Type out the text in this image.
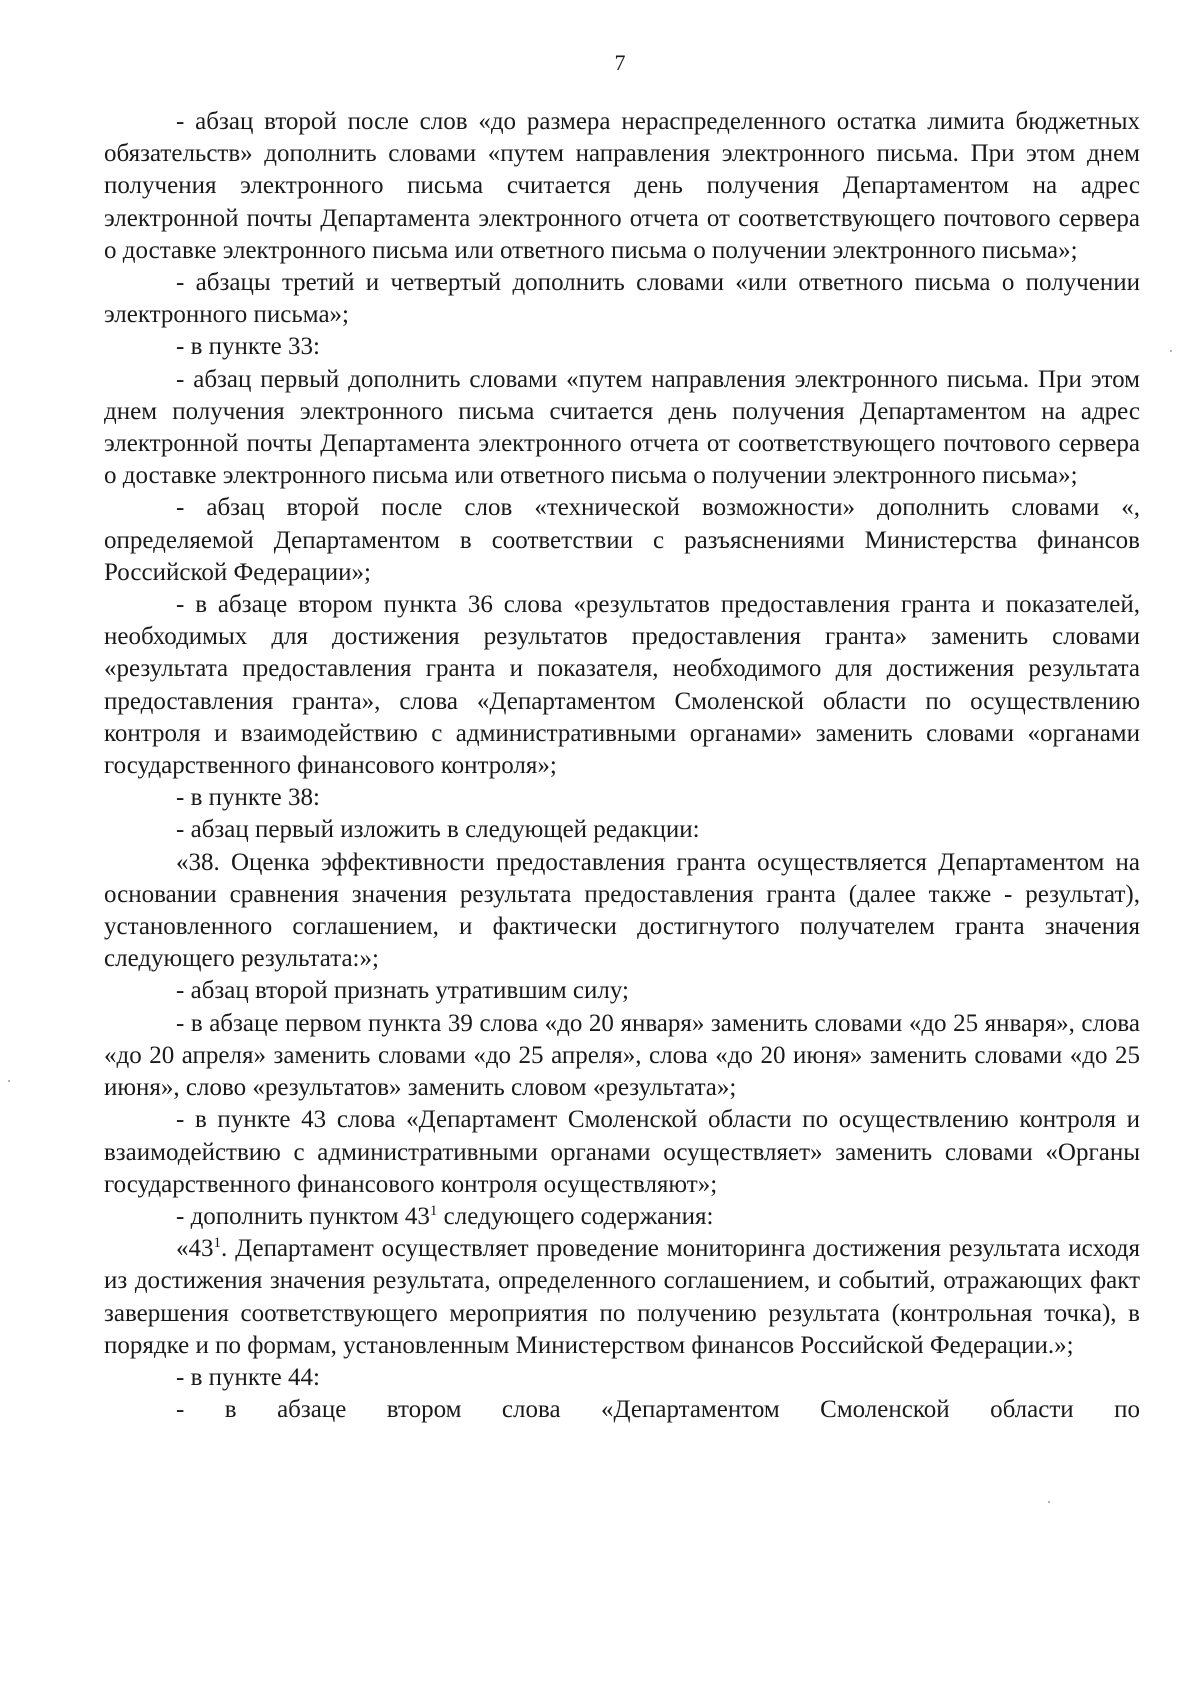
7

- абзац второй после слов «до размера нераспределенного остатка лимита бюджетных обязательств» дополнить словами «путем направления электронного письма. При этом днем получения электронного письма считается день получения Департаментом на адрес электронной почты Департамента электронного отчета от соответствующего почтового сервера о доставке электронного письма или ответного письма о получении электронного письма»;

- абзацы третий и четвертый дополнить словами «или ответного письма о получении электронного письма»;

- в пункте 33:

- абзац первый дополнить словами «путем направления электронного письма. При этом днем получения электронного письма считается день получения Департаментом на адрес электронной почты Департамента электронного отчета от соответствующего почтового сервера о доставке электронного письма или ответного письма о получении электронного письма»;

- абзац второй после слов «технической возможности» дополнить словами «, определяемой Департаментом в соответствии с разъяснениями Министерства финансов Российской Федерации»;

- в абзаце втором пункта 36 слова «результатов предоставления гранта и показателей, необходимых для достижения результатов предоставления гранта» заменить словами «результата предоставления гранта и показателя, необходимого для достижения результата предоставления гранта», слова «Департаментом Смоленской области по осуществлению контроля и взаимодействию с административными органами» заменить словами «органами государственного финансового контроля»;

- в пункте 38:

- абзац первый изложить в следующей редакции:

«38. Оценка эффективности предоставления гранта осуществляется Департаментом на основании сравнения значения результата предоставления гранта (далее также - результат), установленного соглашением, и фактически достигнутого получателем гранта значения следующего результата:»;

- абзац второй признать утратившим силу;

- в абзаце первом пункта 39 слова «до 20 января» заменить словами «до 25 января», слова «до 20 апреля» заменить словами «до 25 апреля», слова «до 20 июня» заменить словами «до 25 июня», слово «результатов» заменить словом «результата»;

- в пункте 43 слова «Департамент Смоленской области по осуществлению контроля и взаимодействию с административными органами осуществляет» заменить словами «Органы государственного финансового контроля осуществляют»;

- дополнить пунктом $43^1$ следующего содержания:

«$43^1$. Департамент осуществляет проведение мониторинга достижения результата исходя из достижения значения результата, определенного соглашением, и событий, отражающих факт завершения соответствующего мероприятия по получению результата (контрольная точка), в порядке и по формам, установленным Министерством финансов Российской Федерации.»;

- в пункте 44:

- в абзаце втором слова «Департаментом Смоленской области по
